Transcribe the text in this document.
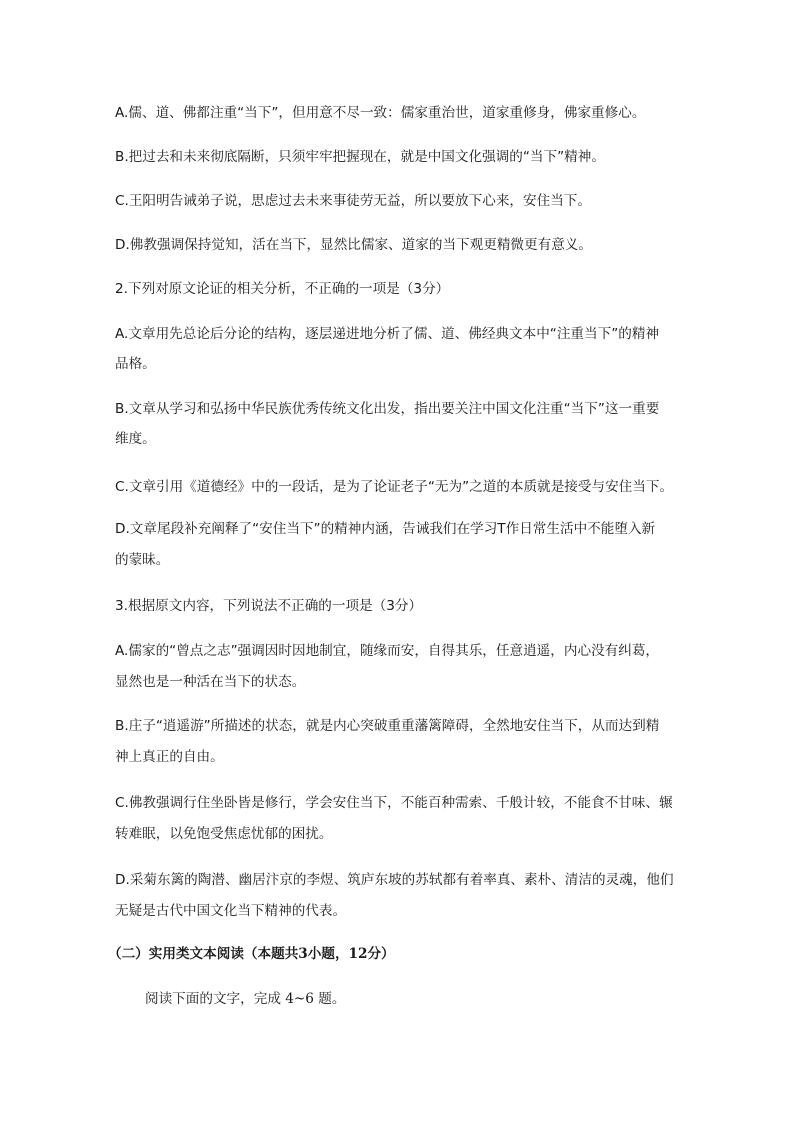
A.儒、道、佛都注重“当下”，但用意不尽一致：儒家重治世，道家重修身，佛家重修心。
B.把过去和未来彻底隔断，只须牢牢把握现在，就是中国文化强调的“当下”精神。
C.王阳明告诫弟子说，思虑过去未来事徒劳无益，所以要放下心来，安住当下。
D.佛教强调保持觉知，活在当下，显然比儒家、道家的当下观更精微更有意义。
2.下列对原文论证的相关分析，不正确的一项是（3分）
A.文章用先总论后分论的结构，逐层递进地分析了儒、道、佛经典文本中“注重当下”的精神
品格。
B.文章从学习和弘扬中华民族优秀传统文化出发，指出要关注中国文化注重“当下”这一重要
维度。
C.文章引用《道德经》中的一段话，是为了论证老子“无为”之道的本质就是接受与安住当下。
D.文章尾段补充阐释了“安住当下”的精神内涵，告诫我们在学习T作日常生活中不能堕入新
的蒙昧。
3.根据原文内容，下列说法不正确的一项是（3分）
A.儒家的“曾点之志”强调因时因地制宜，随缘而安，自得其乐，任意逍遥，内心没有纠葛，
显然也是一种活在当下的状态。
B.庄子“逍遥游”所描述的状态，就是内心突破重重藩篱障碍，全然地安住当下，从而达到精
神上真正的自由。
C.佛教强调行住坐卧皆是修行，学会安住当下，不能百种需索、千般计较，不能食不甘味、辗
转难眠，以免饱受焦虑忧郁的困扰。
D.采菊东篱的陶潜、幽居汴京的李煜、筑庐东坡的苏轼都有着率真、素朴、清洁的灵魂，他们
无疑是古代中国文化当下精神的代表。
（二）实用类文本阅读（本题共3小题，12分）
阅读下面的文字，完成 4~6 题。
